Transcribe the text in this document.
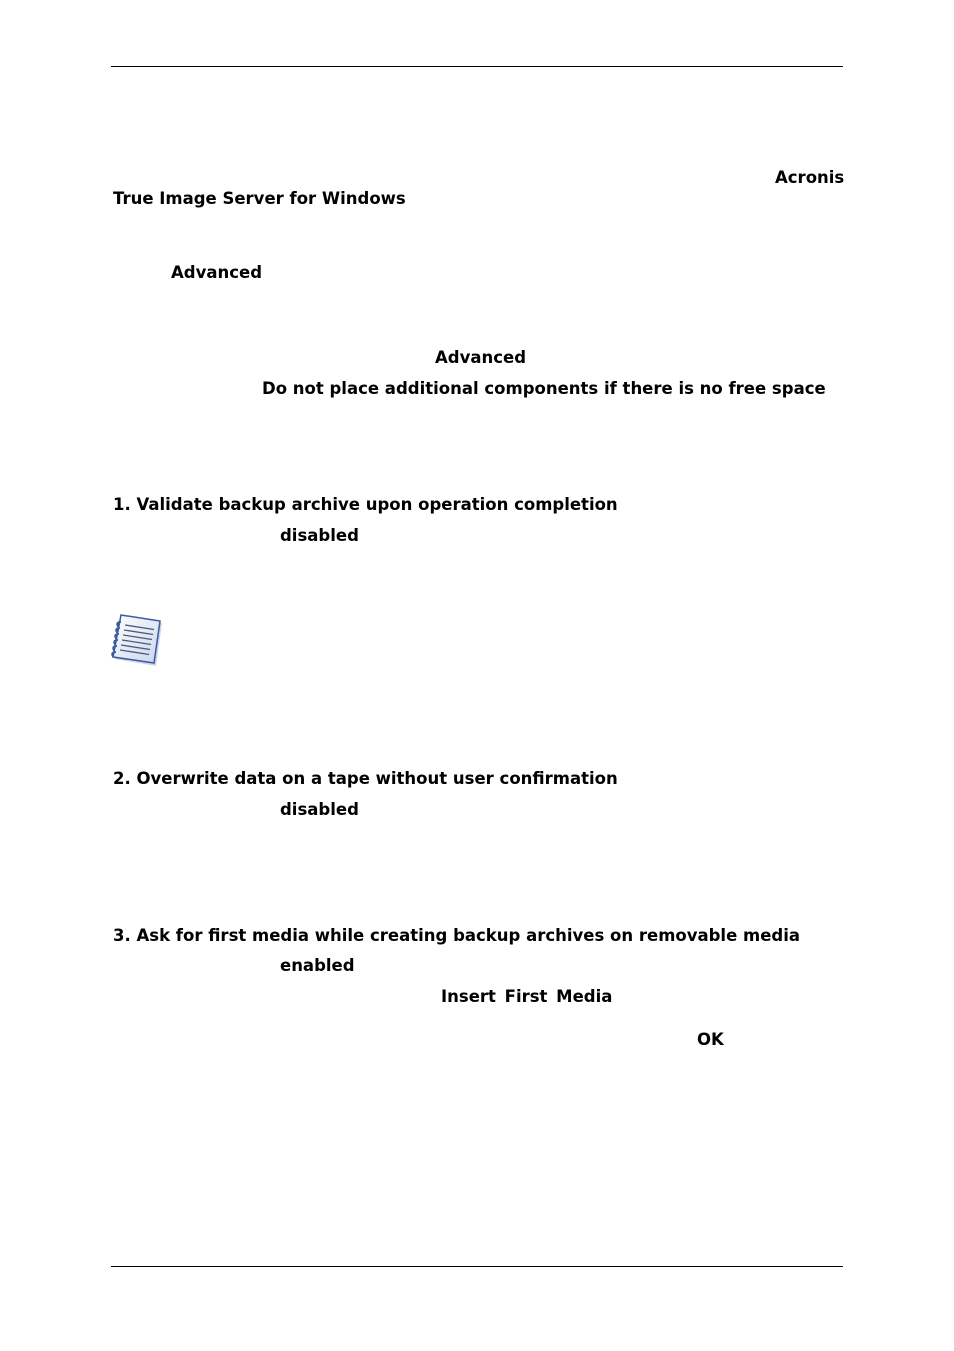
Acronis
True Image Server for Windows
Advanced
Advanced
Do not place additional components if there is no free space
1. Validate backup archive upon operation completion
disabled
2. Overwrite data on a tape without user confirmation
disabled
3. Ask for first media while creating backup archives on removable media
enabled
Insert First Media
OK
